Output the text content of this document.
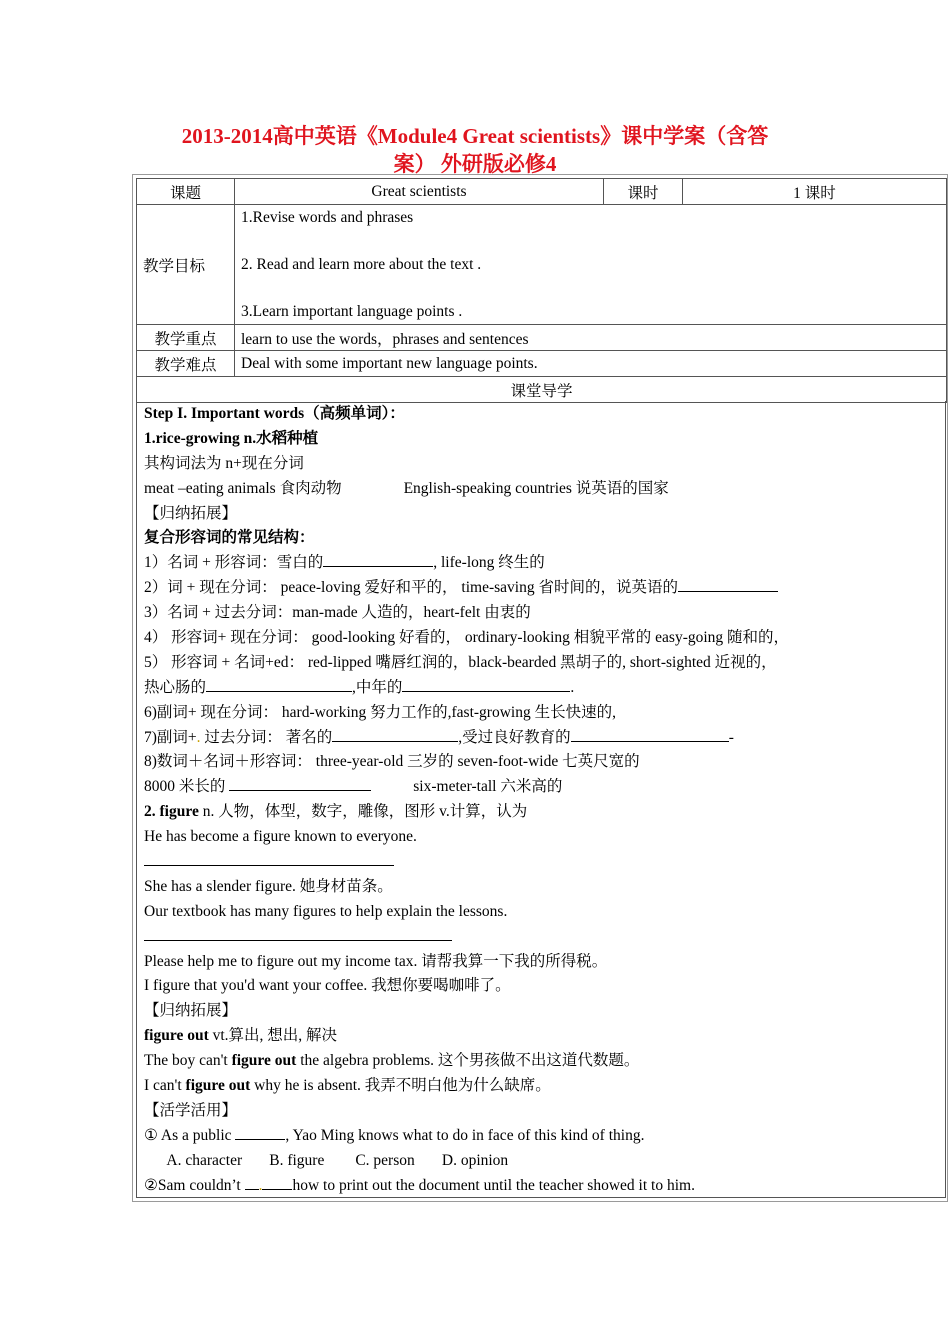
2013-2014高中英语《Module4 Great scientists》课中学案（含答
案） 外研版必修4
课题	Great scientists	课时	1 课时
教学目标	1.Revise words and phrases

2. Read and learn more about the text .

3.Learn important language points .		

教学重点	learn to use the words，phrases and sentences		
教学难点	Deal with some important new language points.		
课堂导学			
Step I. Important words（高频单词）：
1.rice-growing n.水稻种植
其构词法为 n+现在分词
meat –eating animals 食肉动物	English-speaking countries 说英语的国家
【归纳拓展】
复合形容词的常见结构：
1）名词 + 形容词：雪白的	, life-long 终生的
2）词 + 现在分词： peace-loving 爱好和平的， time-saving 省时间的，说英语的
3）名词 + 过去分词：man-made 人造的，heart-felt 由衷的
4） 形容词+ 现在分词： good-looking 好看的， ordinary-looking 相貌平常的 easy-going 随和的，
5） 形容词 + 名词+ed： red-lipped 嘴唇红润的，black-bearded 黑胡子的, short-sighted 近视的，
热心肠的	,中年的	.
6)副词+ 现在分词： hard-working 努力工作的,fast-growing 生长快速的,
7)副词+. 过去分词： 著名的	,受过良好教育的	-
8)数词＋名词＋形容词： three-year-old 三岁的 seven-foot-wide 七英尺宽的
8000 米长的	six-meter-tall 六米高的
2. figure n. 人物，体型，数字，雕像，图形 v.计算，认为
He has become a figure known to everyone.
She has a slender figure. 她身材苗条。
Our textbook has many figures to help explain the lessons.
Please help me to figure out my income tax. 请帮我算一下我的所得税。
I figure that you'd want your coffee. 我想你要喝咖啡了。
【归纳拓展】
figure out vt.算出, 想出, 解决
The boy can't figure out the algebra problems. 这个男孩做不出这道代数题。
I can't figure out why he is absent. 我弄不明白他为什么缺席。
【活学活用】
① As a public	, Yao Ming knows what to do in face of this kind of thing.
A. character       B. figure        C. person       D. opinion
②Sam couldn’t . how to print out the document until the teacher showed it to him.
